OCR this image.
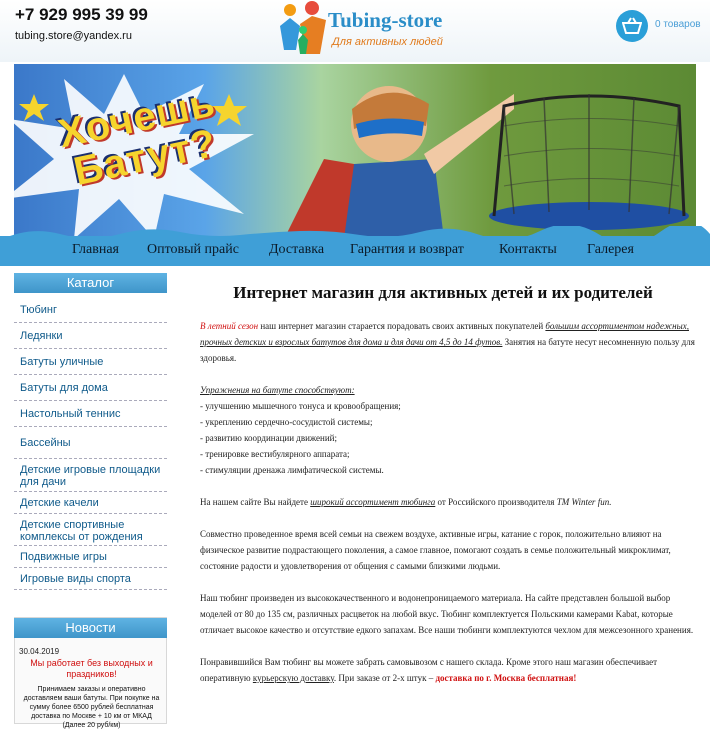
+7 929 995 39 99
tubing.store@yandex.ru
Tubing-store
Для активных людей
0 товаров
Хочешь Батут?
Главная Оптовый прайс Доставка Гарантия и возврат	Контакты Галерея
Каталог
Тюбинг
Ледянки
Батуты уличные
Батуты для дома
Настольный теннис
Бассейны
Детские игровые площадки для дачи
Детские качели
Детские спортивные комплексы от рождения
Подвижные игры
Игровые виды спорта
Новости
30.04.2019
Мы работает без выходных и праздников!
Принимаем заказы и оперативно доставляем ваши батуты. При покупке на сумму более 6500 рублей бесплатная доставка по Москве + 10 км от МКАД (Далее 20 руб/км)
Интернет магазин для активных детей и их родителей
В летний сезон наш интернет магазин старается порадовать своих активных покупателей большим ассортиментом надежных, прочных детских и взрослых батутов для дома и для дачи от 4,5 до 14 футов. Занятия на батуте несут несомненную пользу для здоровья.
Упражнения на батуте способствуют:
- улучшению мышечного тонуса и кровообращения;
- укреплению сердечно-сосудистой системы;
- развитию координации движений;
- тренировке вестибулярного аппарата;
- стимуляции дренажа лимфатической системы.
На нашем сайте Вы найдете широкий ассортимент тюбинга от Российского производителя ТМ Winter fun.
Совместно проведенное время всей семьи на свежем воздухе, активные игры, катание с горок, положительно влияют на физическое развитие подрастающего поколения, а самое главное, помогают создать в семье положительный микроклимат, состояние радости и удовлетворения от общения с самыми близкими людьми.
Наш тюбинг произведен из высококачественного и водонепроницаемого материала. На сайте представлен большой выбор моделей от 80 до 135 см, различных расцветок на любой вкус. Тюбинг комплектуется Польскими камерами Kabat, которые отличает высокое качество и отсутствие едкого запахам. Все наши тюбинги комплектуются чехлом для межсезонного хранения.
Понравившийся Вам тюбинг вы можете забрать самовывозом с нашего склада. Кроме этого наш магазин обеспечивает оперативную курьерскую доставку. При заказе от 2-х штук – доставка по г. Москва бесплатная!
